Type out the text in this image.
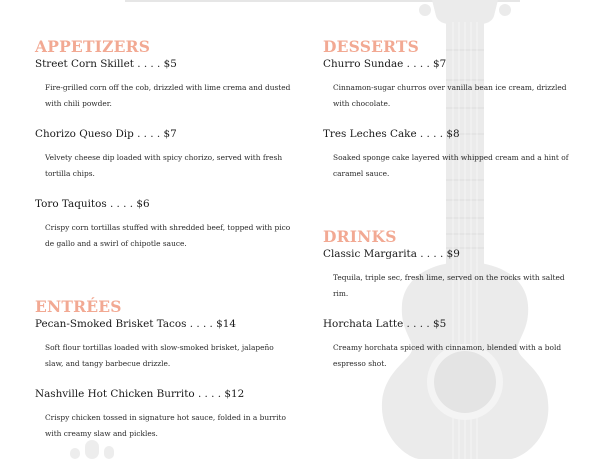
APPETIZERS
Street Corn Skillet . . . . $5
Fire-grilled corn off the cob, drizzled with lime crema and dusted with chili powder.
Chorizo Queso Dip . . . . $7
Velvety cheese dip loaded with spicy chorizo, served with fresh tortilla chips.
Toro Taquitos . . . . $6
Crispy corn tortillas stuffed with shredded beef, topped with pico de gallo and a swirl of chipotle sauce.
ENTRÉES
Pecan-Smoked Brisket Tacos . . . . $14
Soft flour tortillas loaded with slow-smoked brisket, jalapeño slaw, and tangy barbecue drizzle.
Nashville Hot Chicken Burrito . . . . $12
Crispy chicken tossed in signature hot sauce, folded in a burrito with creamy slaw and pickles.
DESSERTS
Churro Sundae . . . . $7
Cinnamon-sugar churros over vanilla bean ice cream, drizzled with chocolate.
Tres Leches Cake . . . . $8
Soaked sponge cake layered with whipped cream and a hint of caramel sauce.
DRINKS
Classic Margarita . . . . $9
Tequila, triple sec, fresh lime, served on the rocks with salted rim.
Horchata Latte . . . . $5
Creamy horchata spiced with cinnamon, blended with a bold espresso shot.
